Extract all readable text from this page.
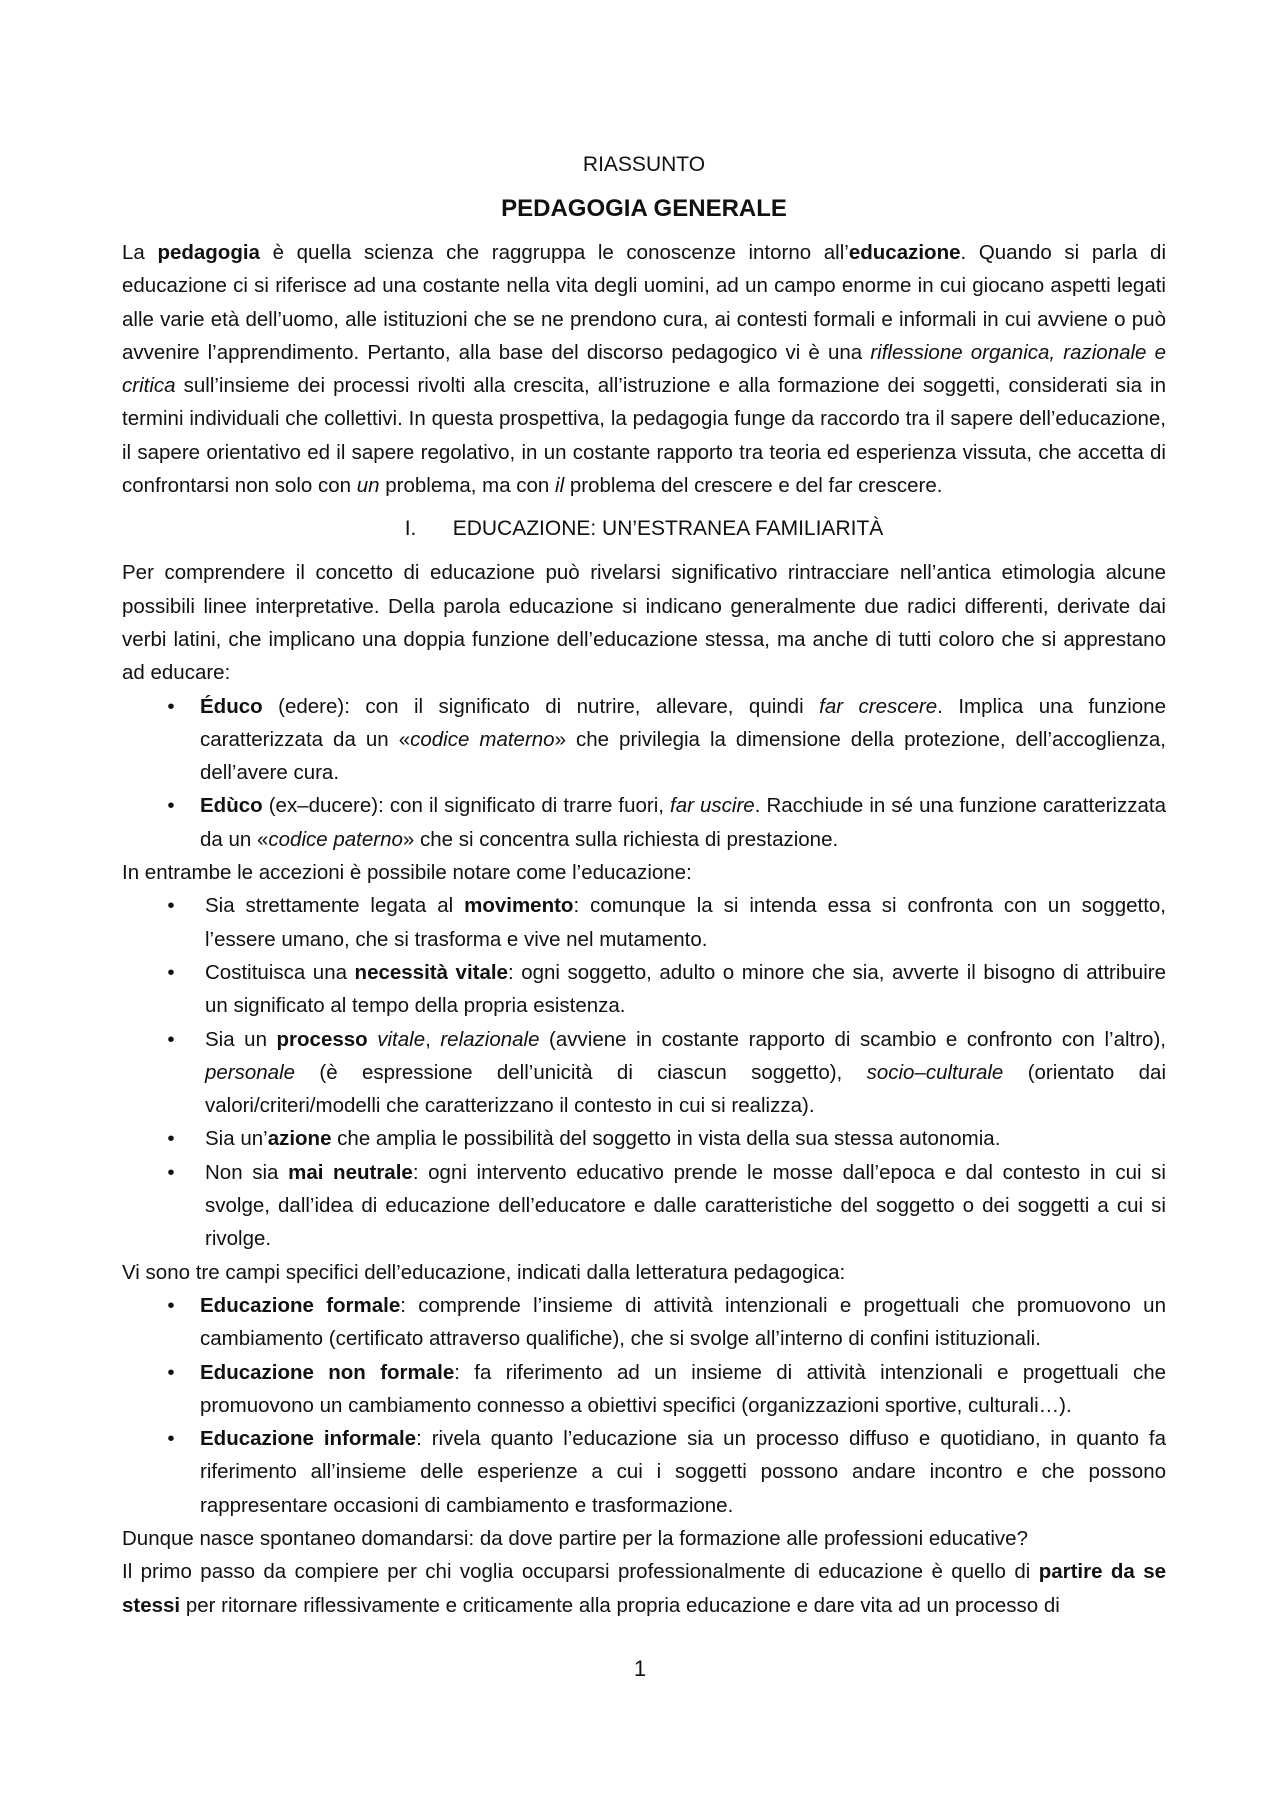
RIASSUNTO
PEDAGOGIA GENERALE

La pedagogia è quella scienza che raggruppa le conoscenze intorno all’educazione. Quando si parla di educazione ci si riferisce ad una costante nella vita degli uomini, ad un campo enorme in cui giocano aspetti legati alle varie età dell’uomo, alle istituzioni che se ne prendono cura, ai contesti formali e informali in cui avviene o può avvenire l’apprendimento. Pertanto, alla base del discorso pedagogico vi è una riflessione organica, razionale e critica sull’insieme dei processi rivolti alla crescita, all’istruzione e alla formazione dei soggetti, considerati sia in termini individuali che collettivi. In questa prospettiva, la pedagogia funge da raccordo tra il sapere dell’educazione, il sapere orientativo ed il sapere regolativo, in un costante rapporto tra teoria ed esperienza vissuta, che accetta di confrontarsi non solo con un problema, ma con il problema del crescere e del far crescere.

I. EDUCAZIONE: UN’ESTRANEA FAMILIARITÀ

Per comprendere il concetto di educazione può rivelarsi significativo rintracciare nell’antica etimologia alcune possibili linee interpretative. Della parola educazione si indicano generalmente due radici differenti, derivate dai verbi latini, che implicano una doppia funzione dell’educazione stessa, ma anche di tutti coloro che si apprestano ad educare:

• Éduco (edere): con il significato di nutrire, allevare, quindi far crescere. Implica una funzione caratterizzata da un «codice materno» che privilegia la dimensione della protezione, dell’accoglienza, dell’avere cura.
• Edùco (ex–ducere): con il significato di trarre fuori, far uscire. Racchiude in sé una funzione caratterizzata da un «codice paterno» che si concentra sulla richiesta di prestazione.

In entrambe le accezioni è possibile notare come l’educazione:

• Sia strettamente legata al movimento: comunque la si intenda essa si confronta con un soggetto, l’essere umano, che si trasforma e vive nel mutamento.
• Costituisca una necessità vitale: ogni soggetto, adulto o minore che sia, avverte il bisogno di attribuire un significato al tempo della propria esistenza.
• Sia un processo vitale, relazionale (avviene in costante rapporto di scambio e confronto con l’altro), personale (è espressione dell’unicità di ciascun soggetto), socio–culturale (orientato dai valori/criteri/modelli che caratterizzano il contesto in cui si realizza).
• Sia un’azione che amplia le possibilità del soggetto in vista della sua stessa autonomia.
• Non sia mai neutrale: ogni intervento educativo prende le mosse dall’epoca e dal contesto in cui si svolge, dall’idea di educazione dell’educatore e dalle caratteristiche del soggetto o dei soggetti a cui si rivolge.

Vi sono tre campi specifici dell’educazione, indicati dalla letteratura pedagogica:

• Educazione formale: comprende l’insieme di attività intenzionali e progettuali che promuovono un cambiamento (certificato attraverso qualifiche), che si svolge all’interno di confini istituzionali.
• Educazione non formale: fa riferimento ad un insieme di attività intenzionali e progettuali che promuovono un cambiamento connesso a obiettivi specifici (organizzazioni sportive, culturali…).
• Educazione informale: rivela quanto l’educazione sia un processo diffuso e quotidiano, in quanto fa riferimento all’insieme delle esperienze a cui i soggetti possono andare incontro e che possono rappresentare occasioni di cambiamento e trasformazione.

Dunque nasce spontaneo domandarsi: da dove partire per la formazione alle professioni educative?

Il primo passo da compiere per chi voglia occuparsi professionalmente di educazione è quello di partire da se stessi per ritornare riflessivamente e criticamente alla propria educazione e dare vita ad un processo di

1
